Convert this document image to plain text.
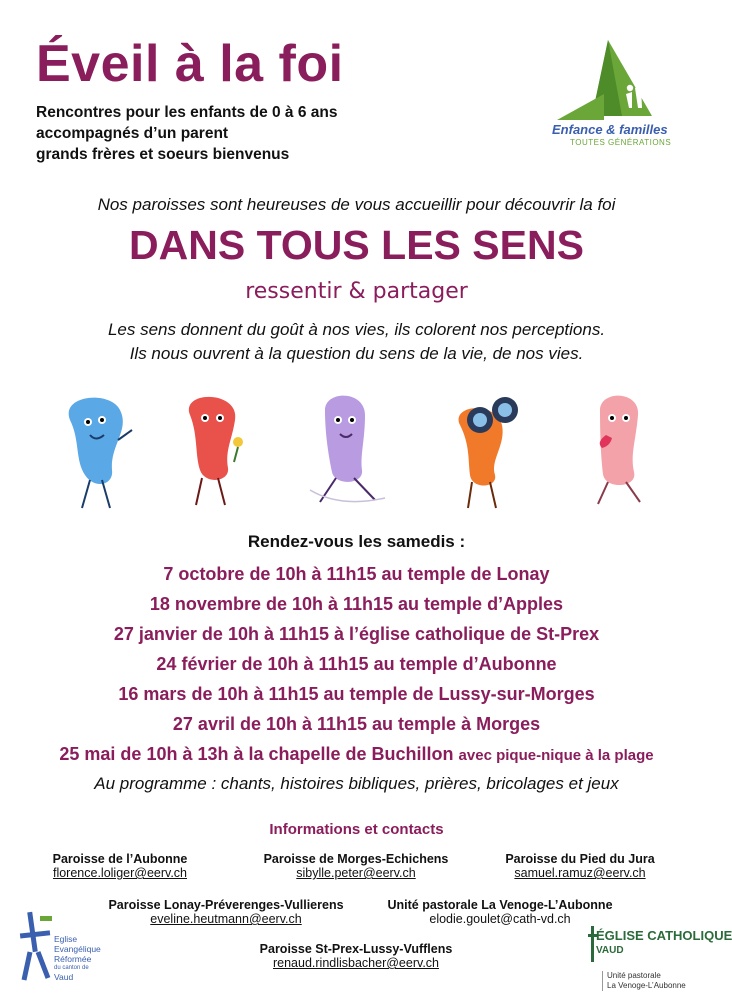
Éveil à la foi
Rencontres pour les enfants de 0 à 6 ans
accompagnés d’un parent
grands frères et soeurs bienvenus
Enfance & familles
TOUTES GÉNÉRATIONS
Nos paroisses sont heureuses de vous accueillir pour découvrir la foi
DANS TOUS LES SENS
ressentir & partager
Les sens donnent du goût à nos vies, ils colorent nos perceptions.
Ils nous ouvrent à la question du sens de la vie, de nos vies.
Rendez-vous les samedis :
7 octobre de 10h à 11h15 au temple de Lonay
18 novembre de 10h à 11h15 au temple d’Apples
27 janvier de 10h à 11h15 à l’église catholique de St-Prex
24 février de 10h à 11h15 au temple d’Aubonne
16 mars de 10h à 11h15 au temple de Lussy-sur-Morges
27 avril de 10h à 11h15 au temple à Morges
25 mai de 10h à 13h à la chapelle de Buchillon avec pique-nique à la plage
Au programme : chants, histoires bibliques, prières, bricolages et jeux
Informations et contacts
Paroisse de l’Aubonne
florence.loliger@eerv.ch
Paroisse de Morges-Echichens
sibylle.peter@eerv.ch
Paroisse du Pied du Jura
samuel.ramuz@eerv.ch
Paroisse Lonay-Préverenges-Vullierens
eveline.heutmann@eerv.ch
Unité pastorale La Venoge-L’Aubonne
elodie.goulet@cath-vd.ch
Paroisse St-Prex-Lussy-Vufflens
renaud.rindlisbacher@eerv.ch
Eglise
Evangélique
Réformée
du canton de
Vaud
ÉGLISE CATHOLIQUE
VAUD
Unité pastorale
La Venoge-L’Aubonne
